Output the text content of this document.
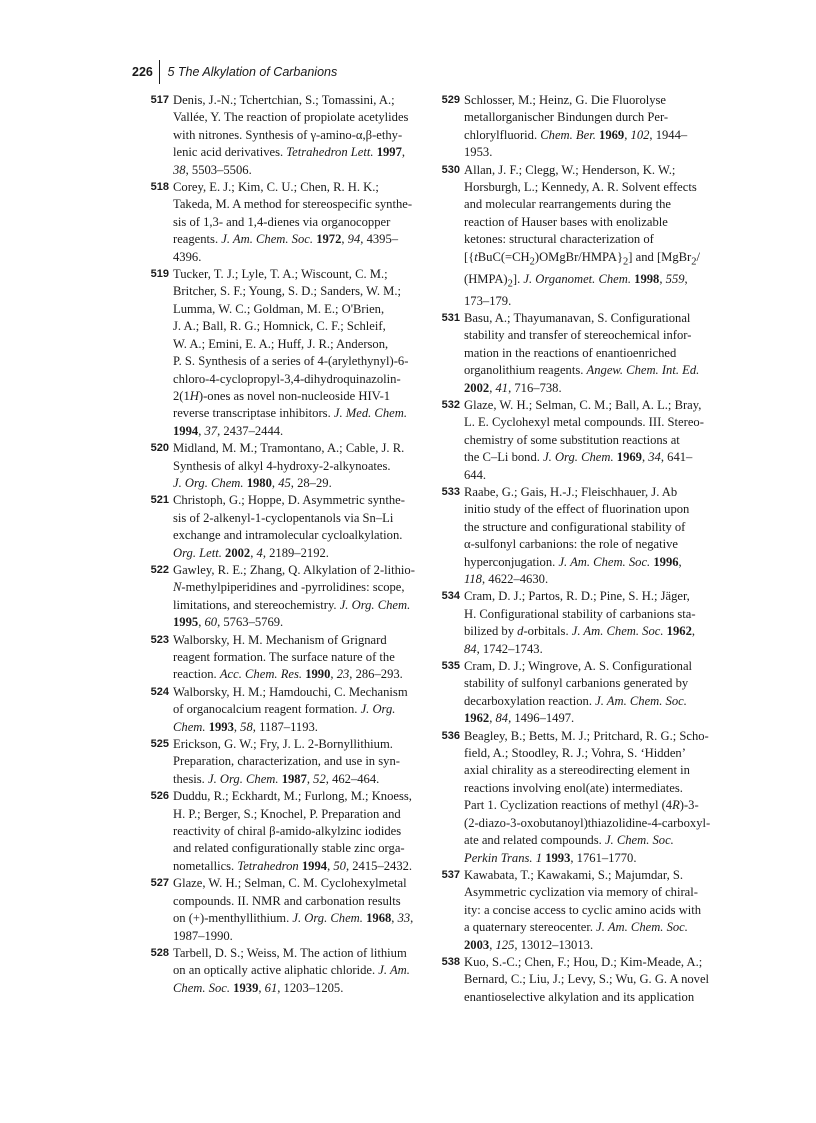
226	5 The Alkylation of Carbanions
517 Denis, J.-N.; Tchertchian, S.; Tomassini, A.;
Vallée, Y. The reaction of propiolate acetylides
with nitrones. Synthesis of γ-amino-α,β-ethy-
lenic acid derivatives. Tetrahedron Lett. 1997,
38, 5503–5506.
518 Corey, E. J.; Kim, C. U.; Chen, R. H. K.;
Takeda, M. A method for stereospecific synthe-
sis of 1,3- and 1,4-dienes via organocopper
reagents. J. Am. Chem. Soc. 1972, 94, 4395–
4396.
519 Tucker, T. J.; Lyle, T. A.; Wiscount, C. M.;
Britcher, S. F.; Young, S. D.; Sanders, W. M.;
Lumma, W. C.; Goldman, M. E.; O'Brien,
J. A.; Ball, R. G.; Homnick, C. F.; Schleif,
W. A.; Emini, E. A.; Huff, J. R.; Anderson,
P. S. Synthesis of a series of 4-(arylethynyl)-6-
chloro-4-cyclopropyl-3,4-dihydroquinazolin-
2(1H)-ones as novel non-nucleoside HIV-1
reverse transcriptase inhibitors. J. Med. Chem.
1994, 37, 2437–2444.
520 Midland, M. M.; Tramontano, A.; Cable, J. R.
Synthesis of alkyl 4-hydroxy-2-alkynoates.
J. Org. Chem. 1980, 45, 28–29.
521 Christoph, G.; Hoppe, D. Asymmetric synthe-
sis of 2-alkenyl-1-cyclopentanols via Sn–Li
exchange and intramolecular cycloalkylation.
Org. Lett. 2002, 4, 2189–2192.
522 Gawley, R. E.; Zhang, Q. Alkylation of 2-lithio-
N-methylpiperidines and -pyrrolidines: scope,
limitations, and stereochemistry. J. Org. Chem.
1995, 60, 5763–5769.
523 Walborsky, H. M. Mechanism of Grignard
reagent formation. The surface nature of the
reaction. Acc. Chem. Res. 1990, 23, 286–293.
524 Walborsky, H. M.; Hamdouchi, C. Mechanism
of organocalcium reagent formation. J. Org.
Chem. 1993, 58, 1187–1193.
525 Erickson, G. W.; Fry, J. L. 2-Bornyllithium.
Preparation, characterization, and use in syn-
thesis. J. Org. Chem. 1987, 52, 462–464.
526 Duddu, R.; Eckhardt, M.; Furlong, M.; Knoess,
H. P.; Berger, S.; Knochel, P. Preparation and
reactivity of chiral β-amido-alkylzinc iodides
and related configurationally stable zinc orga-
nometallics. Tetrahedron 1994, 50, 2415–2432.
527 Glaze, W. H.; Selman, C. M. Cyclohexylmetal
compounds. II. NMR and carbonation results
on (+)-menthyllithium. J. Org. Chem. 1968, 33,
1987–1990.
528 Tarbell, D. S.; Weiss, M. The action of lithium
on an optically active aliphatic chloride. J. Am.
Chem. Soc. 1939, 61, 1203–1205.
529 Schlosser, M.; Heinz, G. Die Fluorolyse
metallorganischer Bindungen durch Per-
chlorylfluorid. Chem. Ber. 1969, 102, 1944–
1953.
530 Allan, J. F.; Clegg, W.; Henderson, K. W.;
Horsburgh, L.; Kennedy, A. R. Solvent effects
and molecular rearrangements during the
reaction of Hauser bases with enolizable
ketones: structural characterization of
$[\{tBuC(=CH_2)OMgBr/HMPA\}_2]$ and [MgBr$_2$/
$(HMPA)_2$]. J. Organomet. Chem. 1998, 559,
173–179.
531 Basu, A.; Thayumanavan, S. Configurational
stability and transfer of stereochemical infor-
mation in the reactions of enantioenriched
organolithium reagents. Angew. Chem. Int. Ed.
2002, 41, 716–738.
532 Glaze, W. H.; Selman, C. M.; Ball, A. L.; Bray,
L. E. Cyclohexyl metal compounds. III. Stereo-
chemistry of some substitution reactions at
the C–Li bond. J. Org. Chem. 1969, 34, 641–
644.
533 Raabe, G.; Gais, H.-J.; Fleischhauer, J. Ab
initio study of the effect of fluorination upon
the structure and configurational stability of
α-sulfonyl carbanions: the role of negative
hyperconjugation. J. Am. Chem. Soc. 1996,
118, 4622–4630.
534 Cram, D. J.; Partos, R. D.; Pine, S. H.; Jäger,
H. Configurational stability of carbanions sta-
bilized by d-orbitals. J. Am. Chem. Soc. 1962,
84, 1742–1743.
535 Cram, D. J.; Wingrove, A. S. Configurational
stability of sulfonyl carbanions generated by
decarboxylation reaction. J. Am. Chem. Soc.
1962, 84, 1496–1497.
536 Beagley, B.; Betts, M. J.; Pritchard, R. G.; Scho-
field, A.; Stoodley, R. J.; Vohra, S. ‘Hidden’
axial chirality as a stereodirecting element in
reactions involving enol(ate) intermediates.
Part 1. Cyclization reactions of methyl (4R)-3-
(2-diazo-3-oxobutanoyl)thiazolidine-4-carboxyl-
ate and related compounds. J. Chem. Soc.
Perkin Trans. 1 1993, 1761–1770.
537 Kawabata, T.; Kawakami, S.; Majumdar, S.
Asymmetric cyclization via memory of chiral-
ity: a concise access to cyclic amino acids with
a quaternary stereocenter. J. Am. Chem. Soc.
2003, 125, 13012–13013.
538 Kuo, S.-C.; Chen, F.; Hou, D.; Kim-Meade, A.;
Bernard, C.; Liu, J.; Levy, S.; Wu, G. G. A novel
enantioselective alkylation and its application
